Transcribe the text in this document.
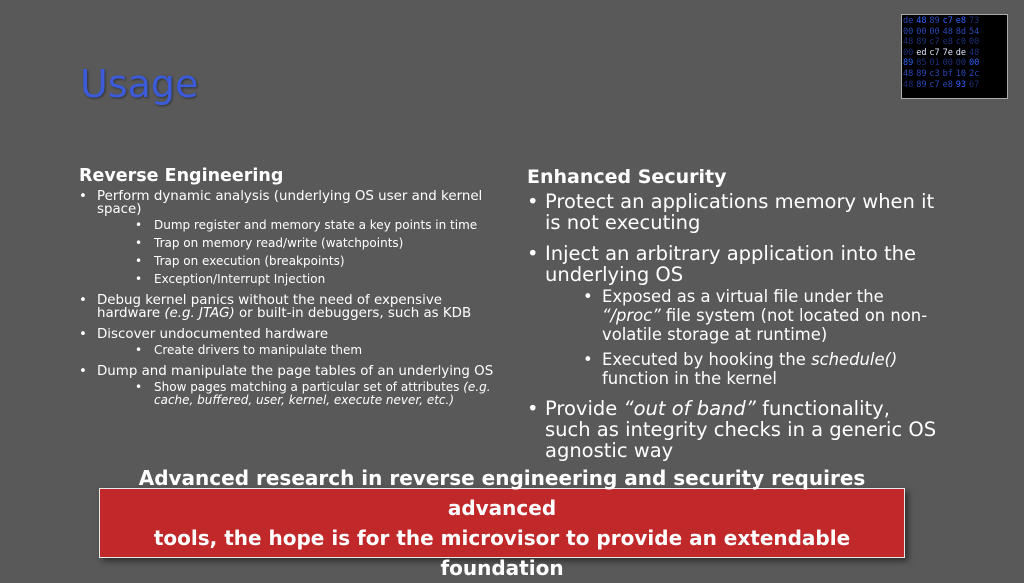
Usage
de 48 89 c7 e8 73
00 00 00 48 8d 54
48 89 c7 e8 c0 00
00 ed c7 7e de 48
89 85 01 00 00 00
48 89 c3 bf 10 2c
48 89 c7 e8 93 67
Reverse Engineering
• Perform dynamic analysis (underlying OS user and kernel space)
• Dump register and memory state a key points in time
• Trap on memory read/write (watchpoints)
• Trap on execution (breakpoints)
• Exception/Interrupt Injection
• Debug kernel panics without the need of expensive hardware (e.g. JTAG) or built-in debuggers, such as KDB
• Discover undocumented hardware
• Create drivers to manipulate them
• Dump and manipulate the page tables of an underlying OS
• Show pages matching a particular set of attributes (e.g. cache, buffered, user, kernel, execute never, etc.)
Enhanced Security
• Protect an applications memory when it is not executing
• Inject an arbitrary application into the underlying OS
• Exposed as a virtual file under the “/proc” file system (not located on non-volatile storage at runtime)
• Executed by hooking the schedule() function in the kernel
• Provide “out of band” functionality, such as integrity checks in a generic OS agnostic way
Advanced research in reverse engineering and security requires advanced
tools, the hope is for the microvisor to provide an extendable foundation
